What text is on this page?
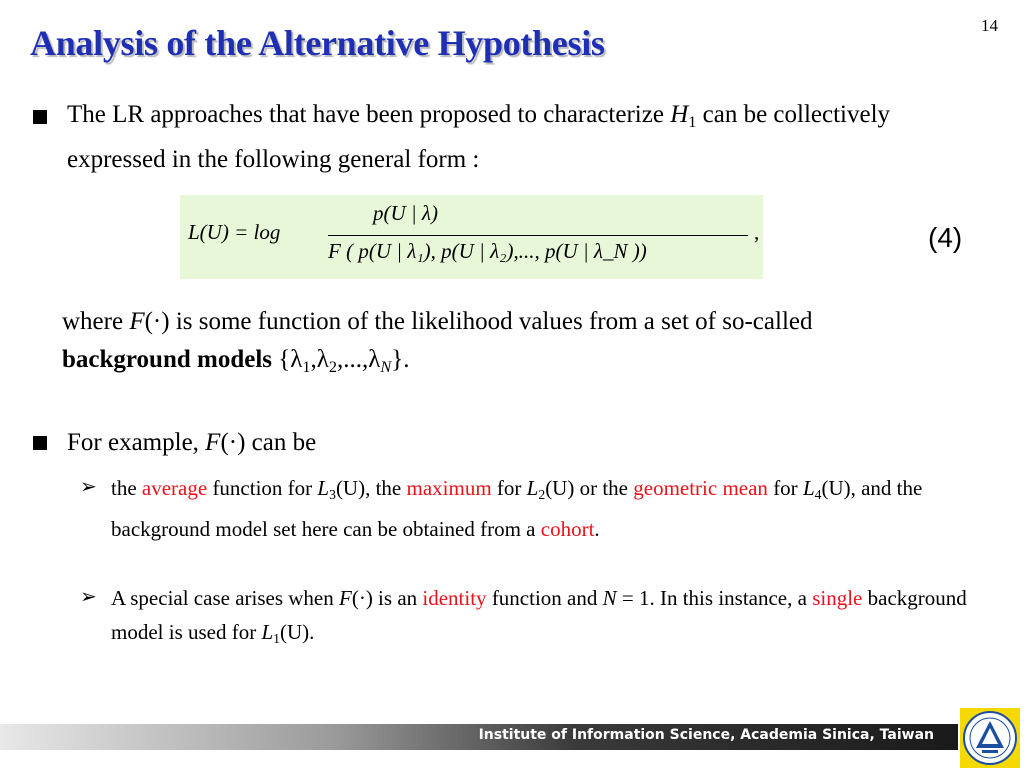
Analysis of the Alternative Hypothesis	14
The LR approaches that have been proposed to characterize $H_1$ can be collectively expressed in the following general form :
L(U) = log
p(U | λ)
F ( p(U | λ₁), p(U | λ₂),..., p(U | λ_N ))
,	(4)
where F(·) is some function of the likelihood values from a set of so-called background models $\{\lambda_1,\lambda_2,...,\lambda_N\}$.
For example, F(·) can be
➢ the average function for $L_3(U)$, the maximum for $L_2(U)$ or the geometric mean for $L_4(U)$, and the background model set here can be obtained from a cohort.
➢ A special case arises when F(·) is an identity function and N = 1. In this instance, a single background model is used for $L_1(U)$.
Institute of Information Science, Academia Sinica, Taiwan
